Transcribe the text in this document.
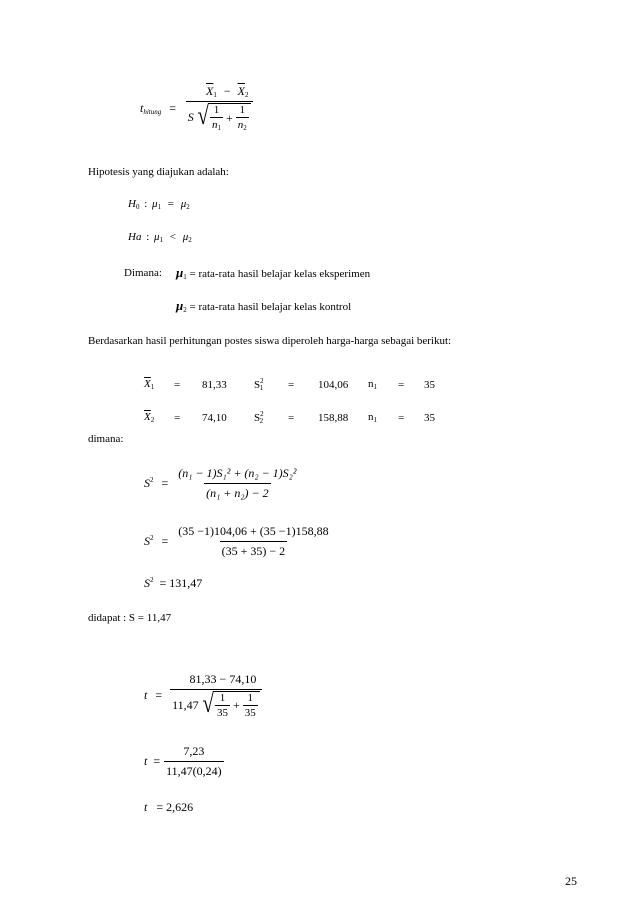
$t_{hitung}$ =
$\overline{X}_1 - \overline{X}_2$
S √ $\frac{1}{n_1} + \frac{1}{n_2}$
Hipotesis yang diajukan adalah:
$H_0$ : $\mu_1 = \mu_2$
Ha : $\mu_1 < \mu_2$
Dimana: $\mu_1$ = rata-rata hasil belajar kelas eksperimen
$\mu_2$ = rata-rata hasil belajar kelas kontrol
Berdasarkan hasil perhitungan postes siswa diperoleh harga-harga sebagai berikut:
$\overline{X}_1$	=	81,33	$S^2_1$	=	104,06	$n_1$	=	35
$\overline{X}_2$	=	74,10	$S^2_2$	=	158,88	$n_1$	=	35
dimana:
$S^2 = \frac{\text{(n₁ − 1)S₁² + (n₂ − 1)S₂²}}{\text{(n₁ + n₂) − 2}}$
$S^2 = \frac{(35 -1)104,06 + (35 -1)158,88}{(35 + 35) - 2}$
$S^2 = 131,47$
didapat : S = 11,47
t =
81,33 − 74,10
11,47 √ $\frac{1}{35} + \frac{1}{35}$
$t = \frac{7,23}{11,47(0,24)}$
t = 2,626
25
